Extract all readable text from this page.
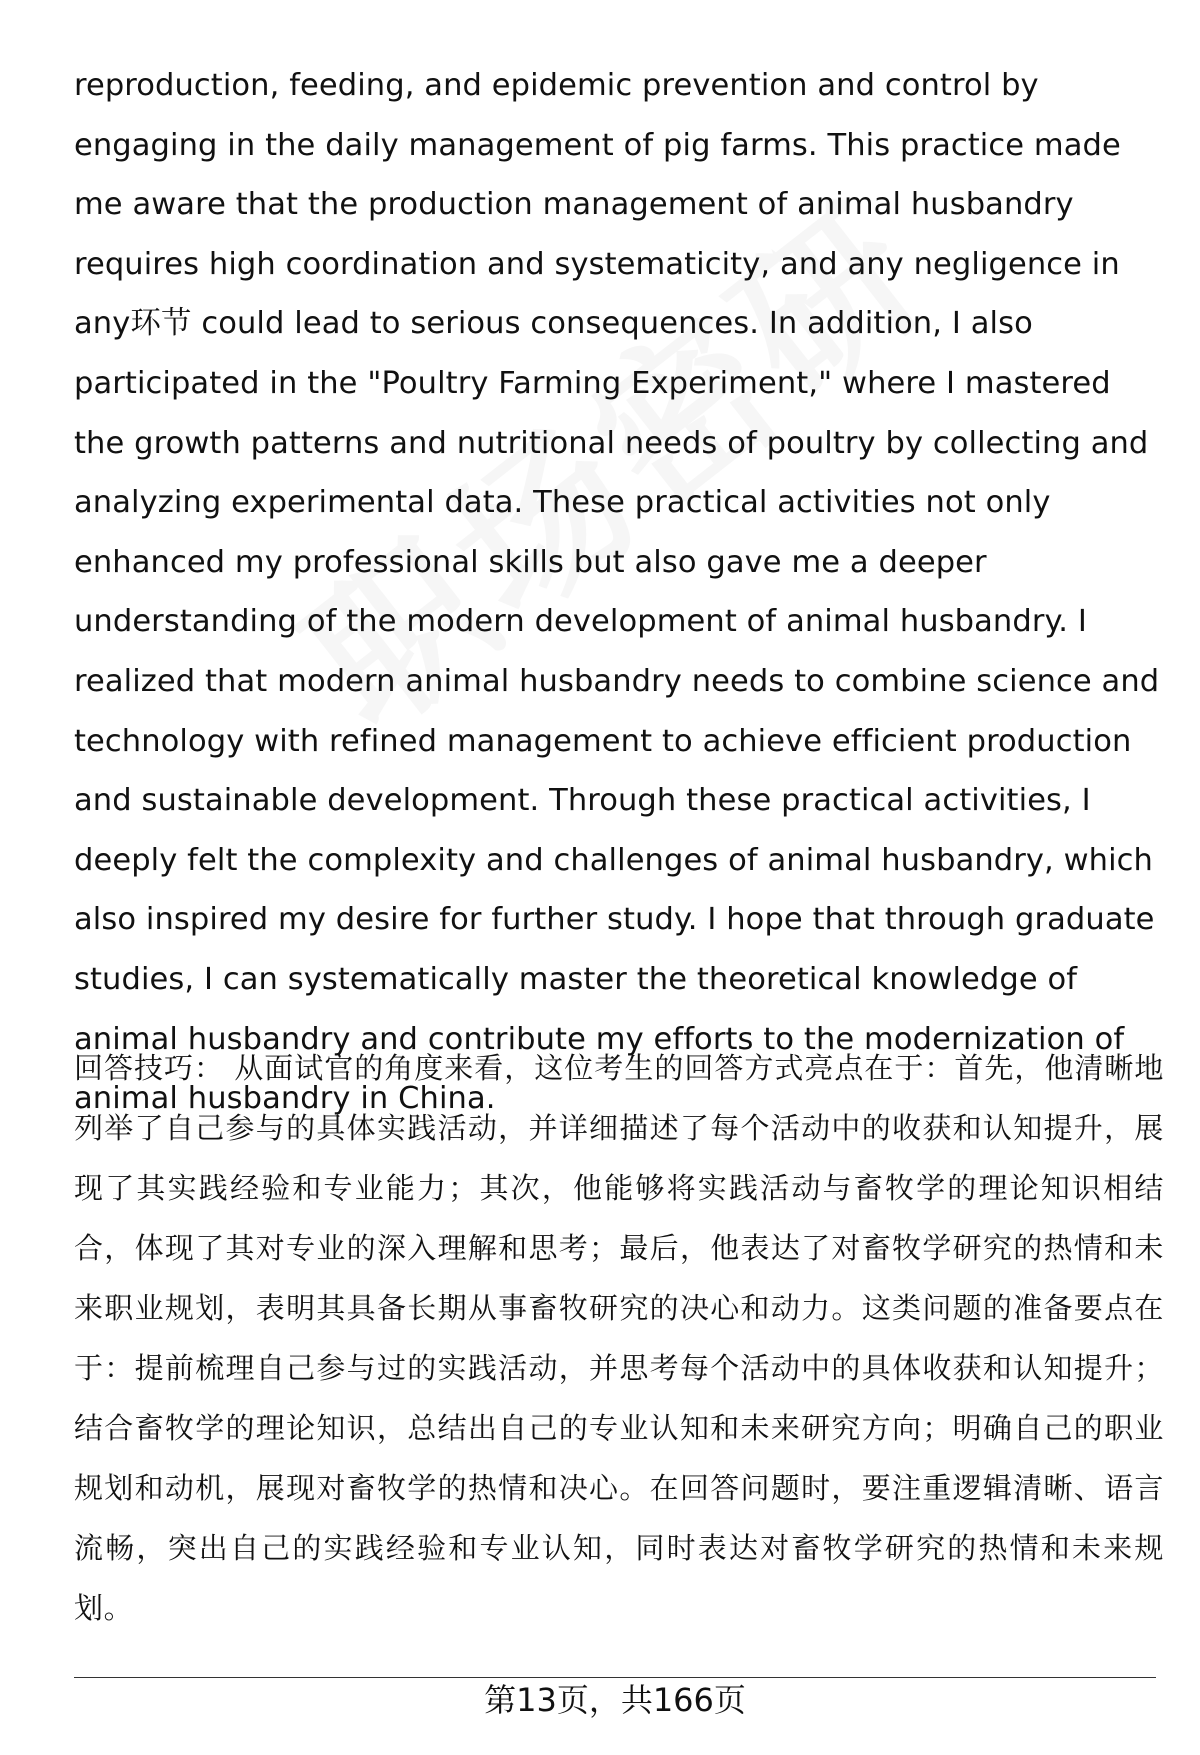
reproduction, feeding, and epidemic prevention and control by engaging in the daily management of pig farms. This practice made me aware that the production management of animal husbandry requires high coordination and systematicity, and any negligence in any环节 could lead to serious consequences. In addition, I also participated in the "Poultry Farming Experiment," where I mastered the growth patterns and nutritional needs of poultry by collecting and analyzing experimental data. These practical activities not only enhanced my professional skills but also gave me a deeper understanding of the modern development of animal husbandry. I realized that modern animal husbandry needs to combine science and technology with refined management to achieve efficient production and sustainable development. Through these practical activities, I deeply felt the complexity and challenges of animal husbandry, which also inspired my desire for further study. I hope that through graduate studies, I can systematically master the theoretical knowledge of animal husbandry and contribute my efforts to the modernization of animal husbandry in China.

回答技巧： 从面试官的角度来看，这位考生的回答方式亮点在于：首先，他清晰地列举了自己参与的具体实践活动，并详细描述了每个活动中的收获和认知提升，展现了其实践经验和专业能力；其次，他能够将实践活动与畜牧学的理论知识相结合，体现了其对专业的深入理解和思考；最后，他表达了对畜牧学研究的热情和未来职业规划，表明其具备长期从事畜牧研究的决心和动力。这类问题的准备要点在于：提前梳理自己参与过的实践活动，并思考每个活动中的具体收获和认知提升；结合畜牧学的理论知识，总结出自己的专业认知和未来研究方向；明确自己的职业规划和动机，展现对畜牧学的热情和决心。在回答问题时，要注重逻辑清晰、语言流畅，突出自己的实践经验和专业认知，同时表达对畜牧学研究的热情和未来规划。

第13页，共166页
